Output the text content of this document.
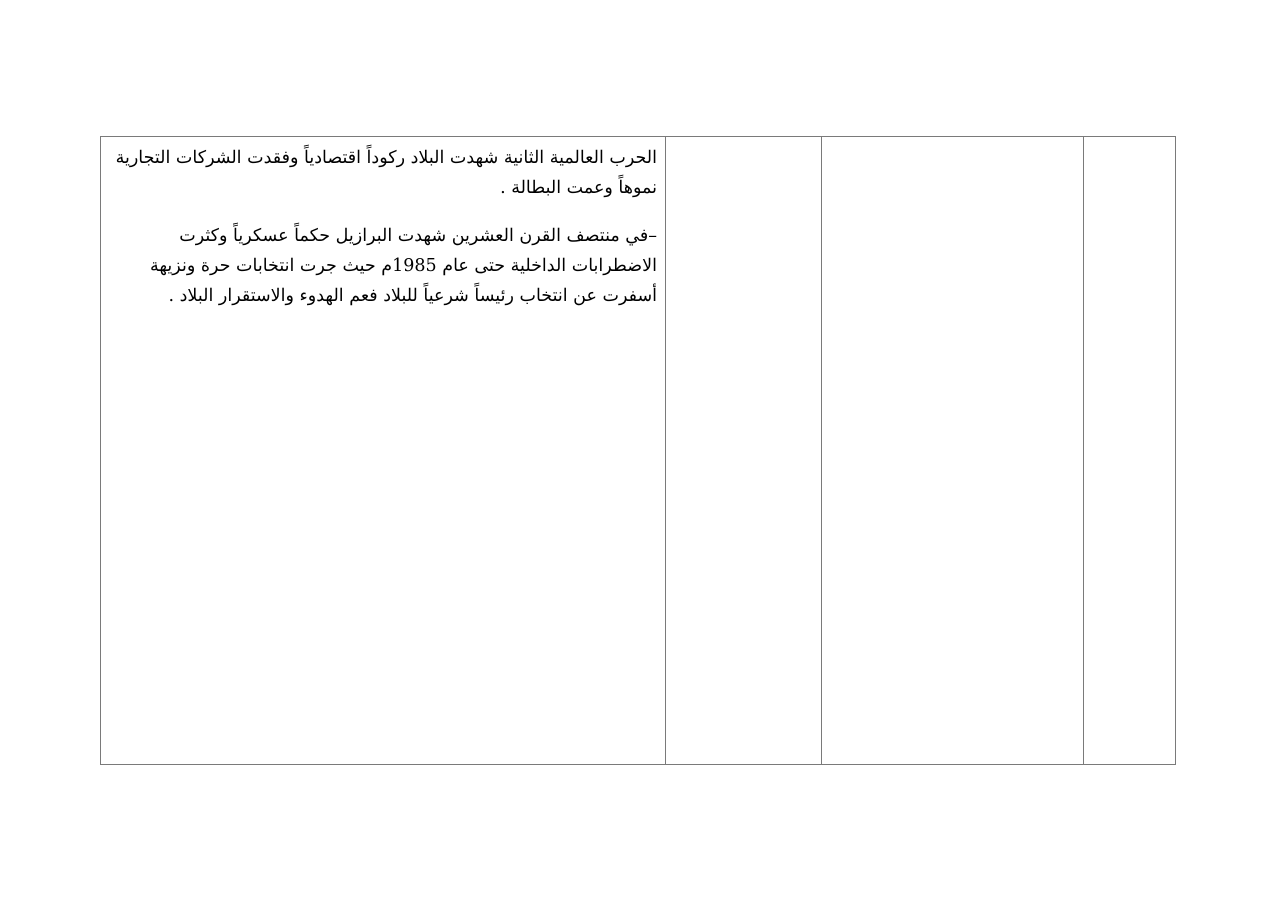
الحرب العالمية الثانية شهدت البلاد ركوداً اقتصادياً وفقدت الشركات التجارية نموهاً وعمت البطالة .

–في منتصف القرن العشرين شهدت البرازيل حكماً عسكرياً وكثرت الاضطرابات الداخلية حتى عام 1985م حيث جرت انتخابات حرة ونزيهة أسفرت عن انتخاب رئيساً شرعياً للبلاد فعم الهدوء والاستقرار البلاد .
